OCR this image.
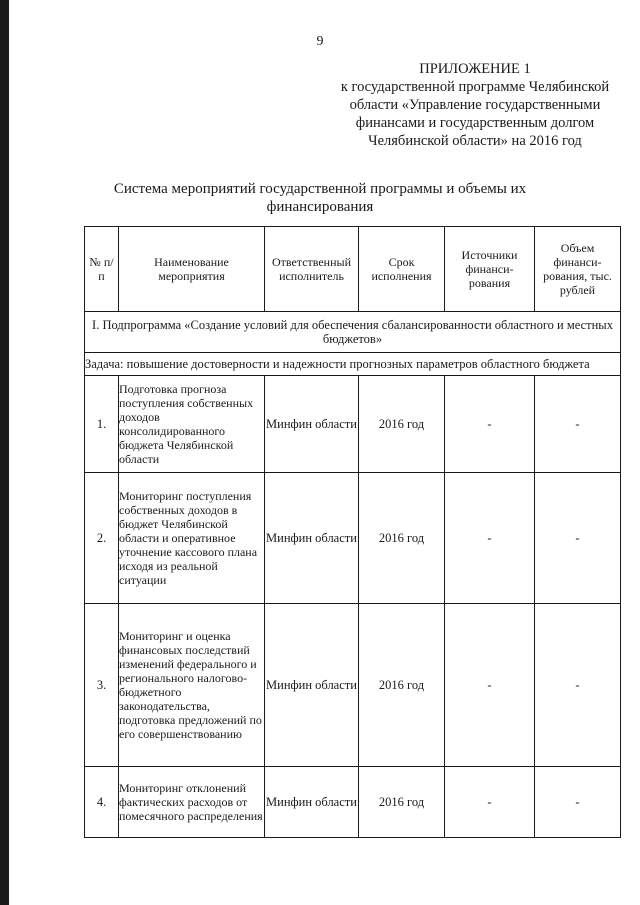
9
ПРИЛОЖЕНИЕ 1
к государственной программе Челябинской области «Управление государственными финансами и государственным долгом Челябинской области» на 2016 год
Система мероприятий государственной программы и объемы их финансирования
№ п/п	Наименование мероприятия	Ответственный исполнитель	Срок исполнения	Источники финанси-рования	Объем финанси-рования, тыс. рублей
I. Подпрограмма «Создание условий для обеспечения сбалансированности областного и местных бюджетов»					
Задача: повышение достоверности и надежности прогнозных параметров областного бюджета					
1.	Подготовка прогноза поступления собственных доходов консолидированного бюджета Челябинской области	Минфин области	2016 год	-	-
2.	Мониторинг поступления собственных доходов в бюджет Челябинской области и оперативное уточнение кассового плана исходя из реальной ситуации	Минфин области	2016 год	-	-
3.	Мониторинг и оценка финансовых последствий изменений федерального и регионального налогово-бюджетного законодательства, подготовка предложений по его совершенствованию	Минфин области	2016 год	-	-
4.	Мониторинг отклонений фактических расходов от помесячного распределения	Минфин области	2016 год	-	-
